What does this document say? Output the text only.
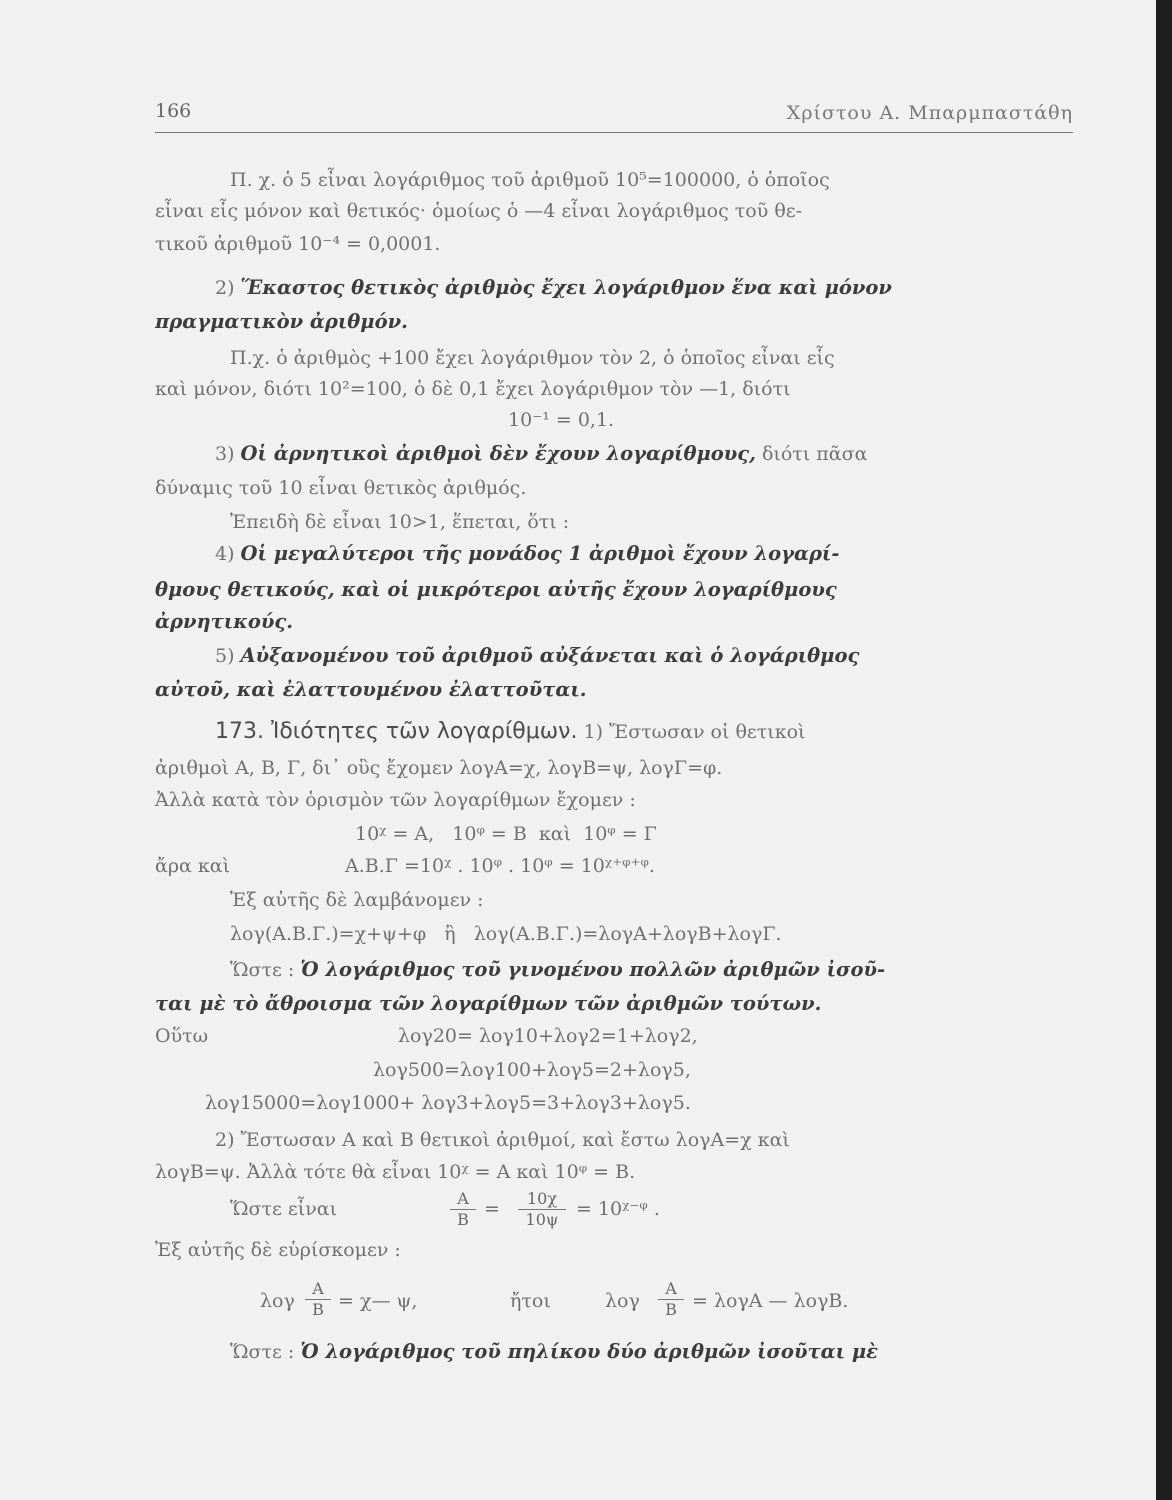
166	Χρίστου Α. Μπαρμπαστάθη
Π. χ. ὁ 5 εἶναι λογάριθμος τοῦ ἀριθμοῦ 10⁵=100000, ὁ ὁποῖος
εἶναι εἷς μόνον καὶ θετικός· ὁμοίως ὁ —4 εἶναι λογάριθμος τοῦ θε-
τικοῦ ἀριθμοῦ 10⁻⁴ = 0,0001.
2) Ἕκαστος θετικὸς ἀριθμὸς ἔχει λογάριθμον ἕνα καὶ μόνον
πραγματικὸν ἀριθμόν.
Π.χ. ὁ ἀριθμὸς +100 ἔχει λογάριθμον τὸν 2, ὁ ὁποῖος εἶναι εἷς
καὶ μόνον, διότι 10²=100, ὁ δὲ 0,1 ἔχει λογάριθμον τὸν —1, διότι
10⁻¹ = 0,1.
3) Οἱ ἀρνητικοὶ ἀριθμοὶ δὲν ἔχουν λογαρίθμους, διότι πᾶσα
δύναμις τοῦ 10 εἶναι θετικὸς ἀριθμός.
Ἐπειδὴ δὲ εἶναι 10>1, ἕπεται, ὅτι :
4) Οἱ μεγαλύτεροι τῆς μονάδος 1 ἀριθμοὶ ἔχουν λογαρί-
θμους θετικούς, καὶ οἱ μικρότεροι αὐτῆς ἔχουν λογαρίθμους
ἀρνητικούς.
5) Αὐξανομένου τοῦ ἀριθμοῦ αὐξάνεται καὶ ὁ λογάριθμος
αὐτοῦ, καὶ ἐλαττουμένου ἐλαττοῦται.
173. Ἰδιότητες τῶν λογαρίθμων. 1) Ἔστωσαν οἱ θετικοὶ
ἀριθμοὶ Α, Β, Γ, δι᾽ οὓς ἔχομεν λογΑ=χ, λογΒ=ψ, λογΓ=φ.
Ἀλλὰ κατὰ τὸν ὁρισμὸν τῶν λογαρίθμων ἔχομεν :
10ᵡ = Α,   10ᵠ = Β  καὶ  10ᵠ = Γ
ἄρα καὶ	Α.Β.Γ =10ᵡ . 10ᵠ . 10ᵠ = 10ᵡ⁺ᵠ⁺ᵠ.
Ἐξ αὐτῆς δὲ λαμβάνομεν :
λογ(Α.Β.Γ.)=χ+ψ+φ   ἢ   λογ(Α.Β.Γ.)=λογΑ+λογΒ+λογΓ.
Ὥστε : Ὁ λογάριθμος τοῦ γινομένου πολλῶν ἀριθμῶν ἰσοῦ-
ται μὲ τὸ ἄθροισμα τῶν λογαρίθμων τῶν ἀριθμῶν τούτων.
Οὕτω	λογ20= λογ10+λογ2=1+λογ2,
λογ500=λογ100+λογ5=2+λογ5,
λογ15000=λογ1000+ λογ3+λογ5=3+λογ3+λογ5.
2) Ἔστωσαν Α καὶ Β θετικοὶ ἀριθμοί, καὶ ἔστω λογΑ=χ καὶ
λογΒ=ψ. Ἀλλὰ τότε θὰ εἶναι 10ᵡ = Α καὶ 10ᵠ = Β.
Ὥστε εἶναι	Α
Β =	10χ
10ψ = 10ᵡ⁻ᵠ .
Ἐξ αὐτῆς δὲ εὑρίσκομεν :
λογ
Α
Β = χ— ψ,	ἤτοι	λογ
Α
Β = λογΑ — λογΒ.
Ὥστε : Ὁ λογάριθμος τοῦ πηλίκου δύο ἀριθμῶν ἰσοῦται μὲ
